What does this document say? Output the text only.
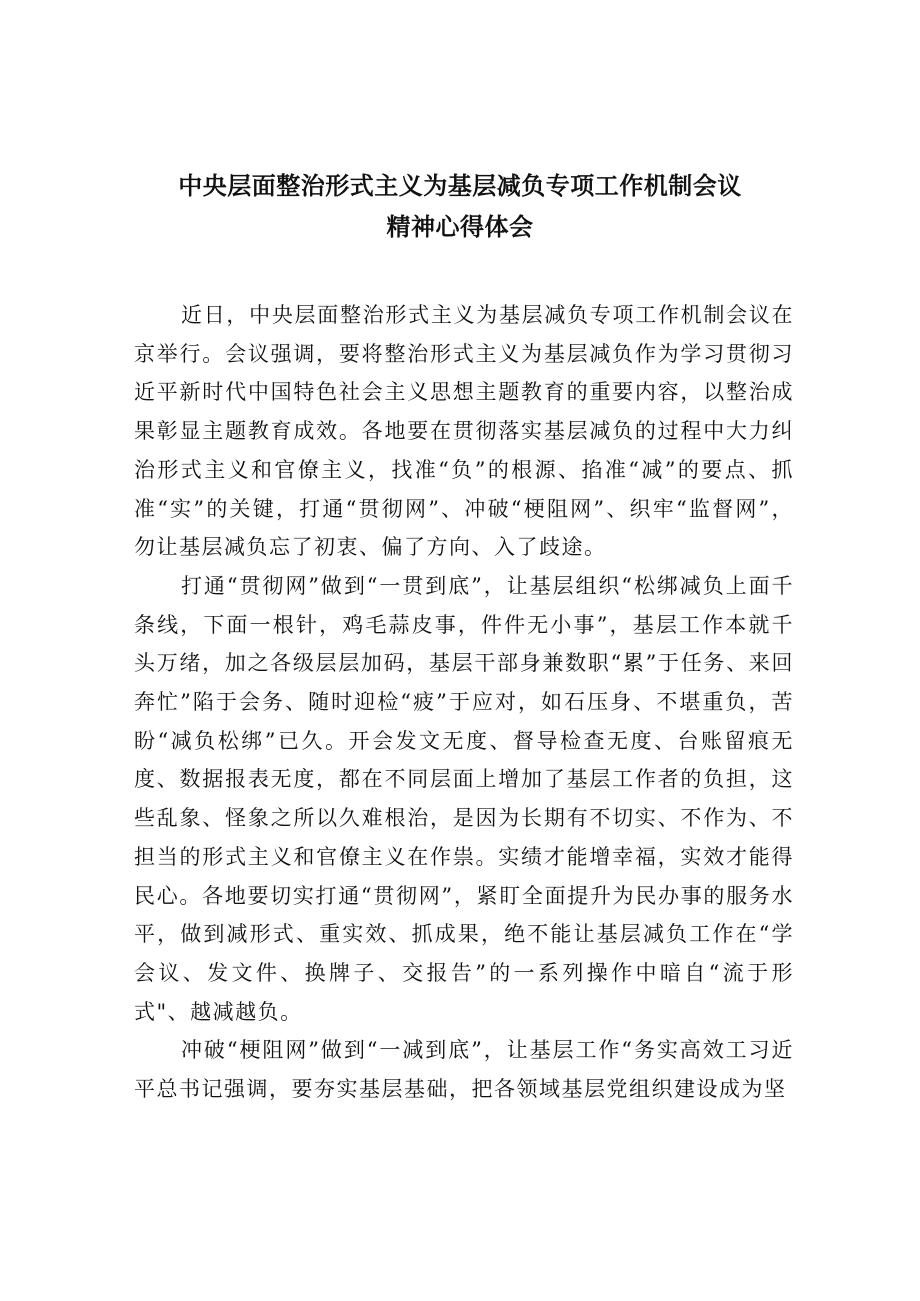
中央层面整治形式主义为基层减负专项工作机制会议
精神心得体会

近日，中央层面整治形式主义为基层减负专项工作机制会议在京举行。会议强调，要将整治形式主义为基层减负作为学习贯彻习近平新时代中国特色社会主义思想主题教育的重要内容，以整治成果彰显主题教育成效。各地要在贯彻落实基层减负的过程中大力纠治形式主义和官僚主义，找准“负”的根源、掐准“减”的要点、抓准“实”的关键，打通“贯彻网”、冲破“梗阻网”、织牢“监督网”，勿让基层减负忘了初衷、偏了方向、入了歧途。

打通“贯彻网”做到“一贯到底”，让基层组织“松绑减负上面千条线，下面一根针，鸡毛蒜皮事，件件无小事”，基层工作本就千头万绪，加之各级层层加码，基层干部身兼数职“累”于任务、来回奔忙”陷于会务、随时迎检“疲”于应对，如石压身、不堪重负，苦盼“减负松绑”已久。开会发文无度、督导检查无度、台账留痕无度、数据报表无度，都在不同层面上增加了基层工作者的负担，这些乱象、怪象之所以久难根治，是因为长期有不切实、不作为、不担当的形式主义和官僚主义在作祟。实绩才能增幸福，实效才能得民心。各地要切实打通“贯彻网”，紧盯全面提升为民办事的服务水平，做到减形式、重实效、抓成果，绝不能让基层减负工作在“学会议、发文件、换牌子、交报告”的一系列操作中暗自“流于形式"、越减越负。

冲破“梗阻网”做到“一减到底”，让基层工作“务实高效工习近平总书记强调，要夯实基层基础，把各领域基层党组织建设成为坚
